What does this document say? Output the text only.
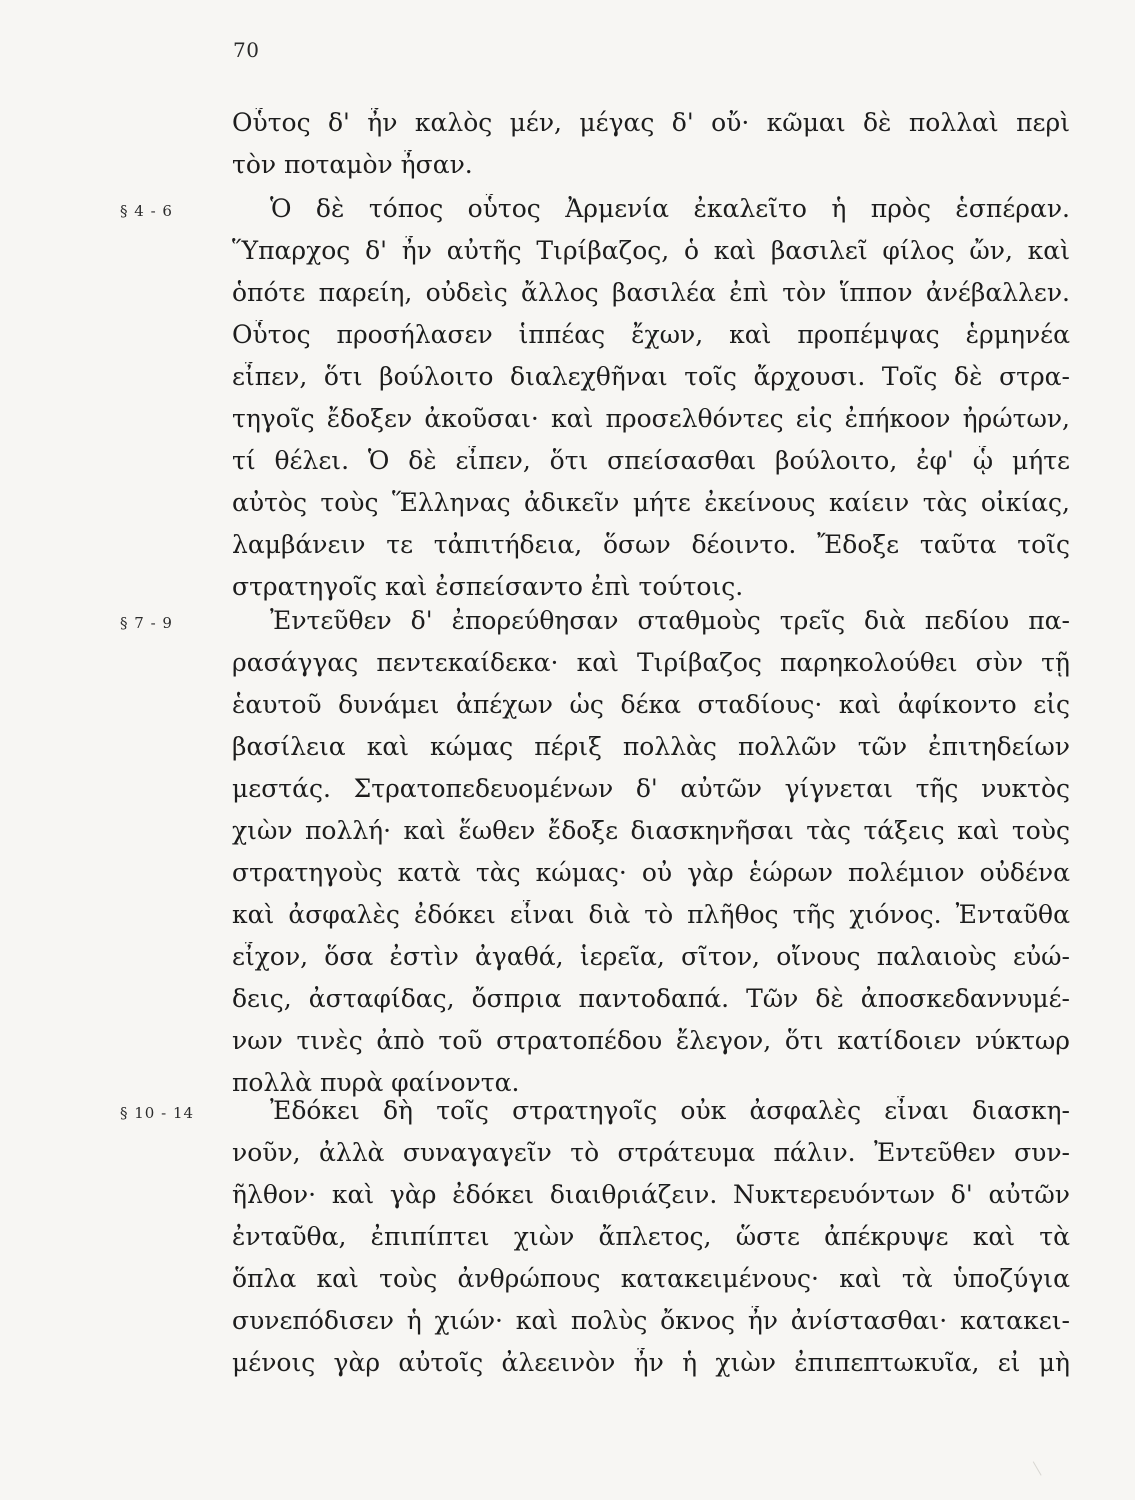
70
Οὗτος δ' ἦν καλὸς μέν, μέγας δ' οὔ· κῶμαι δὲ πολλαὶ περὶ
τὸν ποταμὸν ἦσαν.
§ 4 - 6	Ὁ δὲ τόπος οὗτος Ἀρμενία ἐκαλεῖτο ἡ πρὸς ἑσπέραν.
Ὕπαρχος δ' ἦν αὐτῆς Τιρίβαζος, ὁ καὶ βασιλεῖ φίλος ὤν, καὶ
ὁπότε παρείη, οὐδεὶς ἄλλος βασιλέα ἐπὶ τὸν ἵππον ἀνέβαλλεν.
Οὗτος προσήλασεν ἱππέας ἔχων, καὶ προπέμψας ἑρμηνέα
εἶπεν, ὅτι βούλοιτο διαλεχθῆναι τοῖς ἄρχουσι. Τοῖς δὲ στρα-
τηγοῖς ἔδοξεν ἀκοῦσαι· καὶ προσελθόντες εἰς ἐπήκοον ἠρώτων,
τί θέλει. Ὁ δὲ εἶπεν, ὅτι σπείσασθαι βούλοιτο, ἐφ' ᾧ μήτε
αὐτὸς τοὺς Ἕλληνας ἀδικεῖν μήτε ἐκείνους καίειν τὰς οἰκίας,
λαμβάνειν τε τἀπιτήδεια, ὅσων δέοιντο. Ἔδοξε ταῦτα τοῖς
στρατηγοῖς καὶ ἐσπείσαντο ἐπὶ τούτοις.
§ 7 - 9	Ἐντεῦθεν δ' ἐπορεύθησαν σταθμοὺς τρεῖς διὰ πεδίου πα-
ρασάγγας πεντεκαίδεκα· καὶ Τιρίβαζος παρηκολούθει σὺν τῇ
ἑαυτοῦ δυνάμει ἀπέχων ὡς δέκα σταδίους· καὶ ἀφίκοντο εἰς
βασίλεια καὶ κώμας πέριξ πολλὰς πολλῶν τῶν ἐπιτηδείων
μεστάς. Στρατοπεδευομένων δ' αὐτῶν γίγνεται τῆς νυκτὸς
χιὼν πολλή· καὶ ἕωθεν ἔδοξε διασκηνῆσαι τὰς τάξεις καὶ τοὺς
στρατηγοὺς κατὰ τὰς κώμας· οὐ γὰρ ἑώρων πολέμιον οὐδένα
καὶ ἀσφαλὲς ἐδόκει εἶναι διὰ τὸ πλῆθος τῆς χιόνος. Ἐνταῦθα
εἶχον, ὅσα ἐστὶν ἀγαθά, ἱερεῖα, σῖτον, οἴνους παλαιοὺς εὐώ-
δεις, ἀσταφίδας, ὄσπρια παντοδαπά. Τῶν δὲ ἀποσκεδαννυμέ-
νων τινὲς ἀπὸ τοῦ στρατοπέδου ἔλεγον, ὅτι κατίδοιεν νύκτωρ
πολλὰ πυρὰ φαίνοντα.
§ 10 - 14	Ἐδόκει δὴ τοῖς στρατηγοῖς οὐκ ἀσφαλὲς εἶναι διασκη-
νοῦν, ἀλλὰ συναγαγεῖν τὸ στράτευμα πάλιν. Ἐντεῦθεν συν-
ῆλθον· καὶ γὰρ ἐδόκει διαιθριάζειν. Νυκτερευόντων δ' αὐτῶν
ἐνταῦθα, ἐπιπίπτει χιὼν ἄπλετος, ὥστε ἀπέκρυψε καὶ τὰ
ὅπλα καὶ τοὺς ἀνθρώπους κατακειμένους· καὶ τὰ ὑποζύγια
συνεπόδισεν ἡ χιών· καὶ πολὺς ὄκνος ἦν ἀνίστασθαι· κατακει-
μένοις γὰρ αὐτοῖς ἀλεεινὸν ἦν ἡ χιὼν ἐπιπεπτωκυῖα, εἰ μὴ
